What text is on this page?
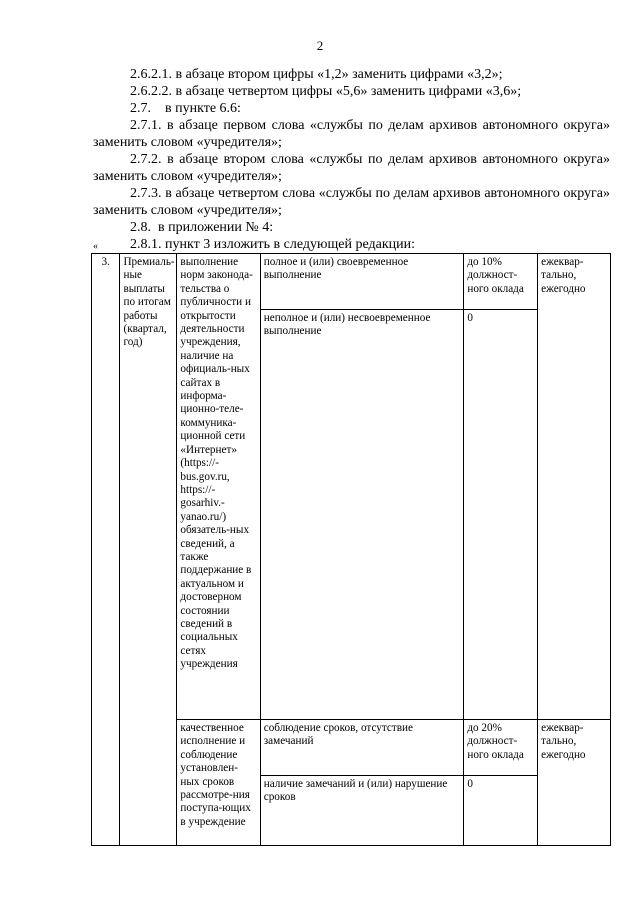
2

2.6.2.1. в абзаце втором цифры «1,2» заменить цифрами «3,2»;

2.6.2.2. в абзаце четвертом цифры «5,6» заменить цифрами «3,6»;

2.7.    в пункте 6.6:

2.7.1. в абзаце первом слова «службы по делам архивов автономного округа» заменить словом «учредителя»;

2.7.2. в абзаце втором слова «службы по делам архивов автономного округа» заменить словом «учредителя»;

2.7.3. в абзаце четвертом слова «службы по делам архивов автономного округа» заменить словом «учредителя»;

2.8.  в приложении № 4:

2.8.1. пункт 3 изложить в следующей редакции:

«
3.	Премиаль-ные выплаты по итогам работы (квартал, год)	выполнение норм законода-тельства о публичности и открытости деятельности учреждения, наличие на официаль-ных сайтах в информа-ционно-теле-коммуника-ционной сети «Интернет» (https://-bus.gov.ru, https://-gosarhiv.-yanao.ru/) обязатель-ных сведений, а также поддержание в актуальном и достоверном состоянии сведений в социальных сетях учреждения	полное и (или) своевременное выполнение	до 10% должност-ного оклада	ежеквар-тально, ежегодно
			неполное и (или) несвоевременное выполнение	0	
		качественное исполнение и соблюдение установлен-ных сроков рассмотре-ния поступа-ющих в учреждение	соблюдение сроков, отсутствие замечаний	до 20% должност-ного оклада	ежеквар-тально, ежегодно
			наличие замечаний и (или) нарушение сроков	0	
